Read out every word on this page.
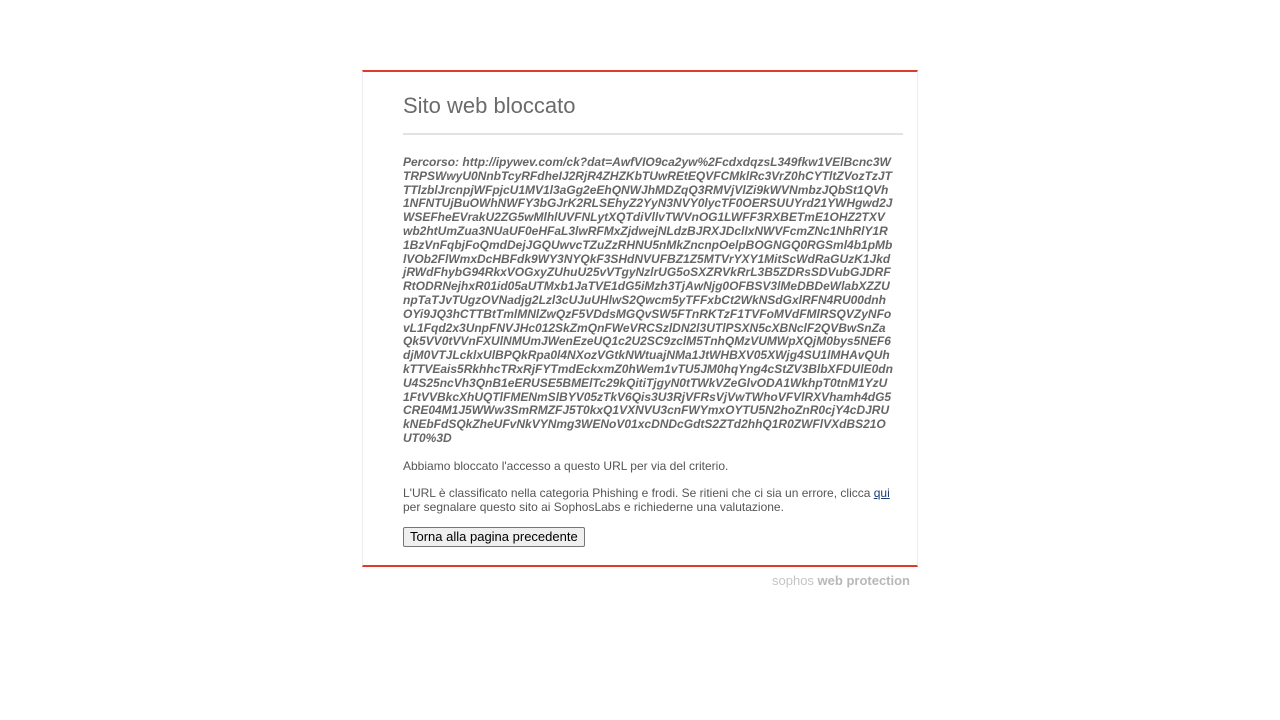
Sito web bloccato
Percorso: http://ipywev.com/ck?dat=AwfVIO9ca2yw%2FcdxdqzsL349fkw1VElBcnc3WTRPSWwyU0NnbTcyRFdheIJ2RjR4ZHZKbTUwREtEQVFCMklRc3VrZ0hCYTltZVozTzJTTTlzblJrcnpjWFpjcU1MV1l3aGg2eEhQNWJhMDZqQ3RMVjVlZi9kWVNmbzJQbSt1QVh1NFNTUjBuOWhNWFY3bGJrK2RLSEhyZ2YyN3NVY0lycTF0OERSUUYrd21YWHgwd2JWSEFheEVrakU2ZG5wMlhlUVFNLytXQTdiVllvTWVnOG1LWFF3RXBETmE1OHZ2TXVwb2htUmZua3NUaUF0eHFaL3lwRFMxZjdwejNLdzBJRXJDclIxNWVFcmZNc1NhRlY1R1BzVnFqbjFoQmdDejJGQUwvcTZuZzRHNU5nMkZncnpOelpBOGNGQ0RGSml4b1pMblVOb2FlWmxDcHBFdk9WY3NYQkF3SHdNVUFBZ1Z5MTVrYXY1MitScWdRaGUzK1JkdjRWdFhybG94RkxVOGxyZUhuU25vVTgyNzlrUG5oSXZRVkRrL3B5ZDRsSDVubGJDRFRtODRNejhxR01id05aUTMxb1JaTVE1dG5iMzh3TjAwNjg0OFBSV3lMeDBDeWlabXZZUnpTaTJvTUgzOVNadjg2Lzl3cUJuUHlwS2Qwcm5yTFFxbCt2WkNSdGxlRFN4RU00dnhOYi9JQ3hCTTBtTmlMNlZwQzF5VDdsMGQvSW5FTnRKTzF1TVFoMVdFMlRSQVZyNFovL1Fqd2x3UnpFNVJHc012SkZmQnFWeVRCSzlDN2l3UTlPSXN5cXBNclF2QVBwSnZaQk5VV0tVVnFXUlNMUmJWenEzeUQ1c2U2SC9zclM5TnhQMzVUMWpXQjM0bys5NEF6djM0VTJLcklxUlBPQkRpa0l4NXozVGtkNWtuajNMa1JtWHBXV05XWjg4SU1lMHAvQUhkTTVEais5RkhhcTRxRjFYTmdEckxmZ0hWem1vTU5JM0hqYng4cStZV3BlbXFDUlE0dnU4S25ncVh3QnB1eERUSE5BMElTc29kQitiTjgyN0tTWkVZeGlvODA1WkhpT0tnM1YzU1FtVVBkcXhUQTlFMENmSlBYV05zTkV6Qis3U3RjVFRsVjVwTWhoVFVlRXVhamh4dG5CRE04M1J5WWw3SmRMZFJ5T0kxQ1VXNVU3cnFWYmxOYTU5N2hoZnR0cjY4cDJRUkNEbFdSQkZheUFvNkVYNmg3WENoV01xcDNDcGdtS2ZTd2hhQ1R0ZWFlVXdBS21OUT0%3D
Abbiamo bloccato l'accesso a questo URL per via del criterio.
L'URL è classificato nella categoria Phishing e frodi. Se ritieni che ci sia un errore, clicca qui per segnalare questo sito ai SophosLabs e richiederne una valutazione.
Torna alla pagina precedente
sophos web protection
